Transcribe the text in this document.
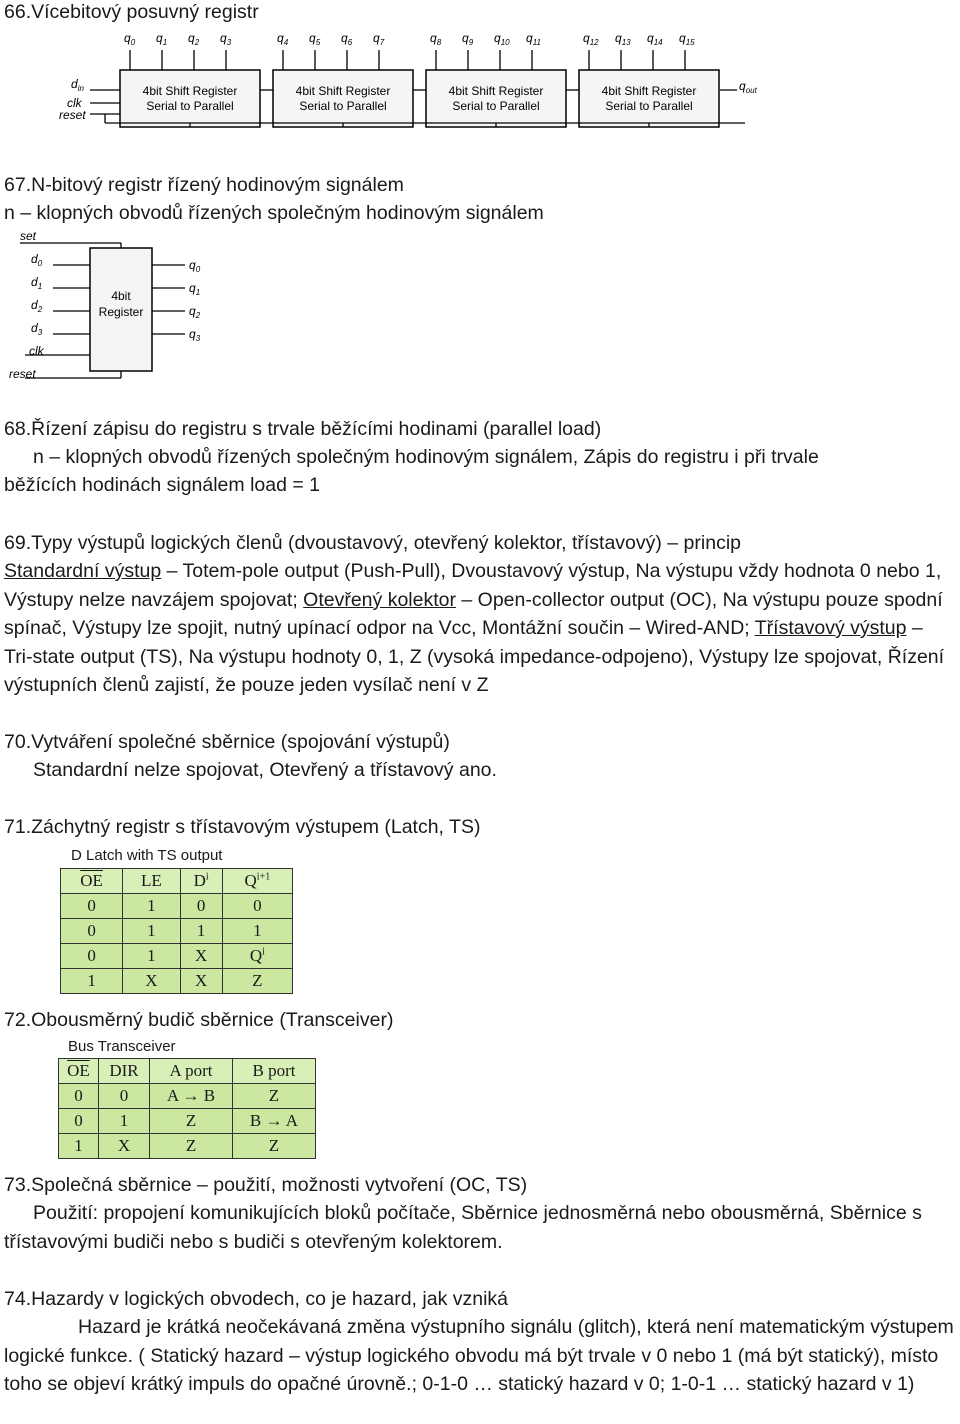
66.Vícebitový posuvný registr
$q_0$ $q_1$ $q_2$ $q_3$	$q_4$ $q_5$ $q_6$ $q_7$	$q_8$ $q_9$ $q_{10}$ $q_{11}$	$q_{12}$ $q_{13}$ $q_{14}$ $q_{15}$
4bit Shift Register
Serial to Parallel
4bit Shift Register
Serial to Parallel
4bit Shift Register
Serial to Parallel
4bit Shift Register
Serial to Parallel
$d_{in}$
clk
reset
$q_{out}$
67.N-bitový registr řízený hodinovým signálem
n – klopných obvodů řízených společným hodinovým signálem
4bit
Register
set
$d_0$	$q_0$
$d_1$	$q_1$
$d_2$	$q_2$
$d_3$	$q_3$
clk
reset
68.Řízení zápisu do registru s trvale běžícími hodinami (parallel load)
n – klopných obvodů řízených společným hodinovým signálem, Zápis do registru i při trvale
běžících hodinách signálem load = 1
69.Typy výstupů logických členů (dvoustavový, otevřený kolektor, třístavový) – princip
Standardní výstup – Totem-pole output (Push-Pull), Dvoustavový výstup, Na výstupu vždy hodnota 0 nebo 1, Výstupy nelze navzájem spojovat; Otevřený kolektor – Open-collector output (OC), Na výstupu pouze spodní spínač, Výstupy lze spojit, nutný upínací odpor na Vcc, Montážní součin – Wired-AND; Třístavový výstup – Tri-state output (TS), Na výstupu hodnoty 0, 1, Z (vysoká impedance-odpojeno), Výstupy lze spojovat, Řízení výstupních členů zajistí, že pouze jeden vysílač není v Z
70.Vytváření společné sběrnice (spojování výstupů)
Standardní nelze spojovat, Otevřený a třístavový ano.
71.Záchytný registr s třístavovým výstupem (Latch, TS)
D Latch with TS output
$\overline{OE}$	LE	$D^i$	$Q^{i+1}$
0	1	0	0
0	1	1	1
0	1	X	$Q^i$
1	X	X	Z
72.Obousměrný budič sběrnice (Transceiver)
Bus Transceiver
$\overline{OE}$	DIR	A port	B port
0	0	A → B	Z
0	1	Z	B → A
1	X	Z	Z
73.Společná sběrnice – použití, možnosti vytvoření (OC, TS)
Použití: propojení komunikujících bloků počítače, Sběrnice jednosměrná nebo obousměrná, Sběrnice s třístavovými budiči nebo s budiči s otevřeným kolektorem.
74.Hazardy v logických obvodech, co je hazard, jak vzniká
Hazard je krátká neočekávaná změna výstupního signálu (glitch), která není matematickým výstupem logické funkce. ( Statický hazard – výstup logického obvodu má být trvale v 0 nebo 1 (má být statický), místo toho se objeví krátký impuls do opačné úrovně.; 0-1-0 … statický hazard v 0; 1-0-1 … statický hazard v 1)
